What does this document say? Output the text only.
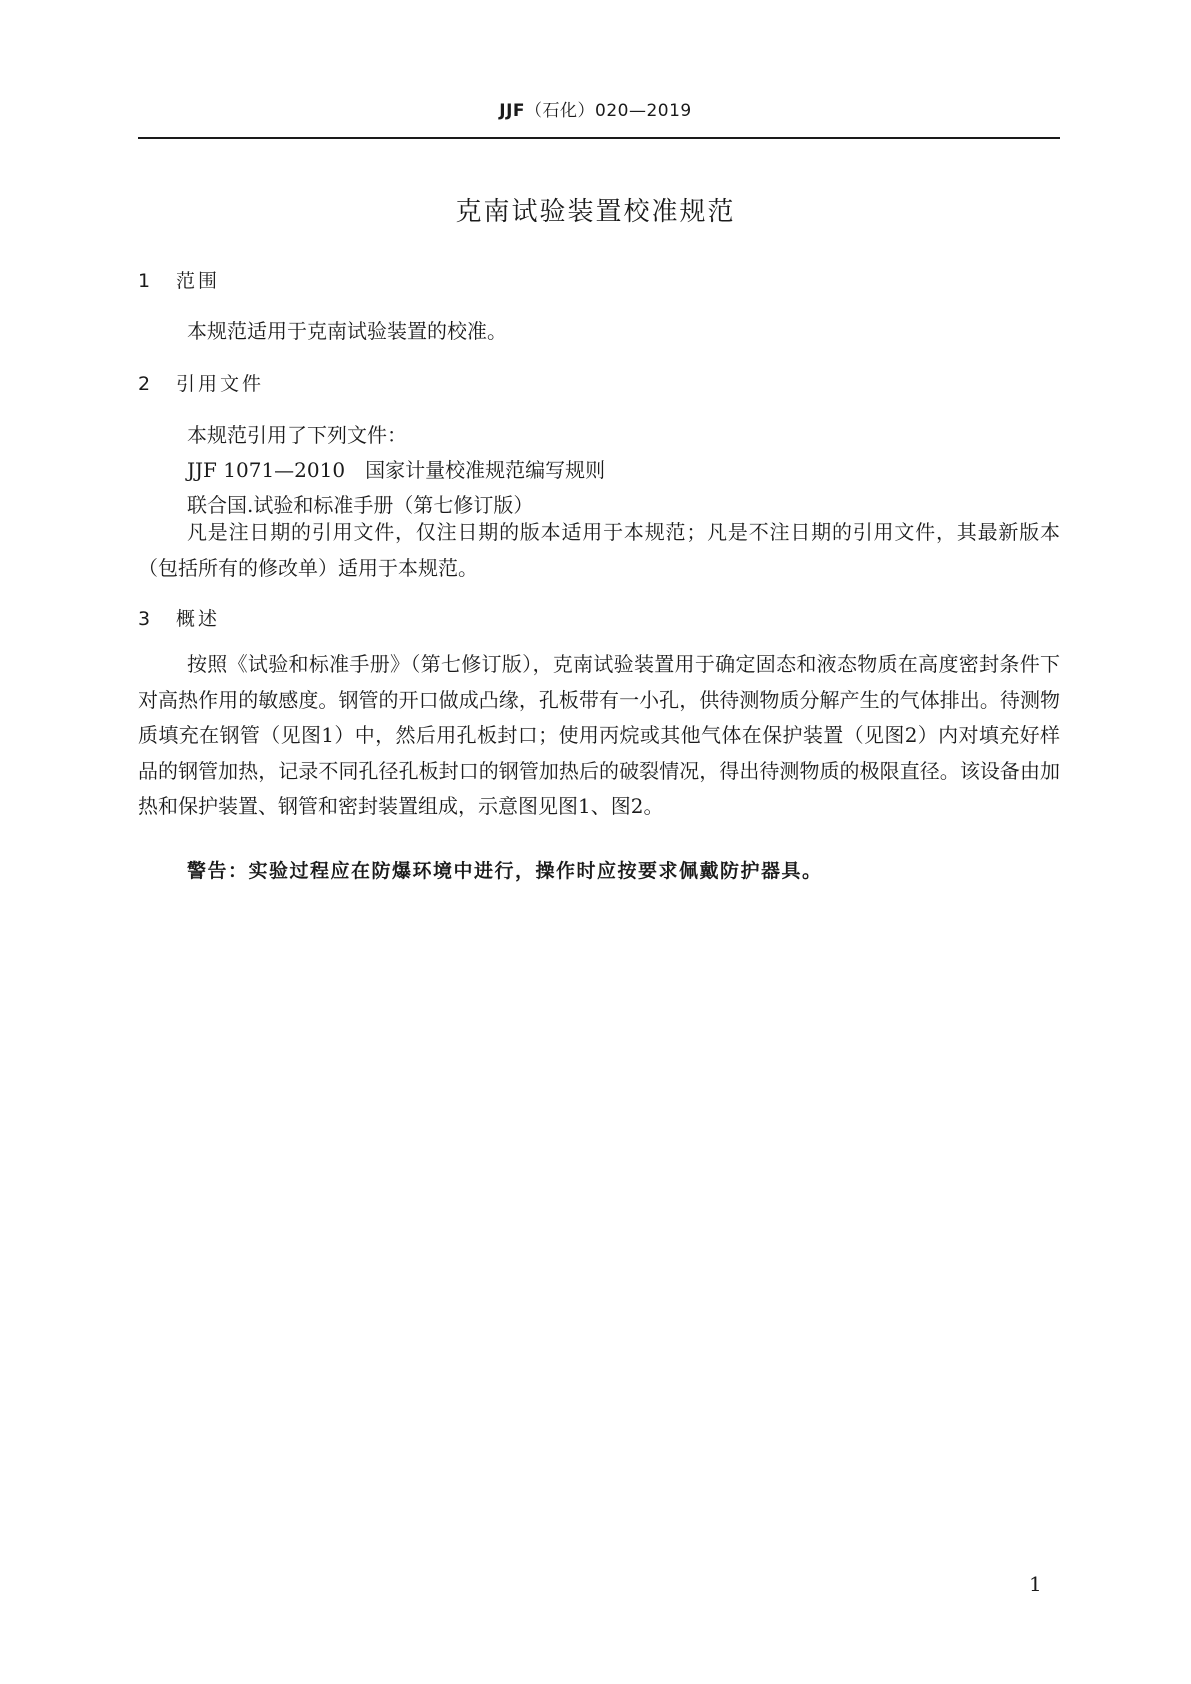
JJF（石化）020—2019
克南试验装置校准规范
1 范围
本规范适用于克南试验装置的校准。
2 引用文件
本规范引用了下列文件：
JJF 1071—2010　国家计量校准规范编写规则
联合国.试验和标准手册（第七修订版）
凡是注日期的引用文件，仅注日期的版本适用于本规范；凡是不注日期的引用文件，其最新版本（包括所有的修改单）适用于本规范。
3 概述
按照《试验和标准手册》（第七修订版），克南试验装置用于确定固态和液态物质在高度密封条件下对高热作用的敏感度。钢管的开口做成凸缘，孔板带有一小孔，供待测物质分解产生的气体排出。待测物质填充在钢管（见图1）中，然后用孔板封口；使用丙烷或其他气体在保护装置（见图2）内对填充好样品的钢管加热，记录不同孔径孔板封口的钢管加热后的破裂情况，得出待测物质的极限直径。该设备由加热和保护装置、钢管和密封装置组成，示意图见图1、图2。
警告：实验过程应在防爆环境中进行，操作时应按要求佩戴防护器具。
1
